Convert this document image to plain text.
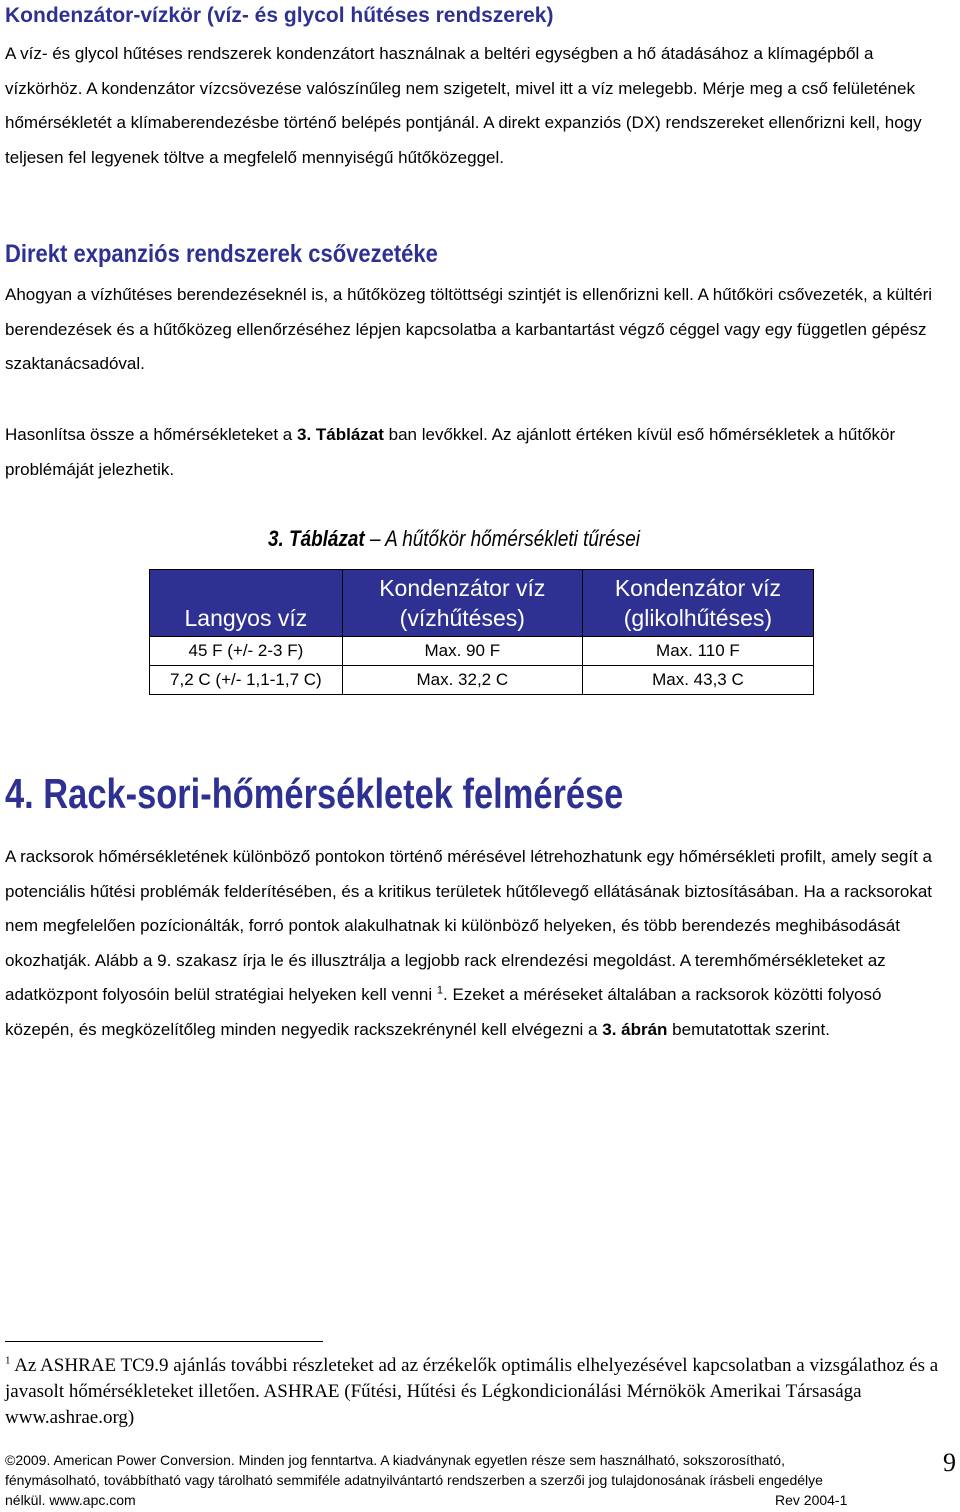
Kondenzátor-vízkör (víz- és glycol hűtéses rendszerek)

A víz- és glycol hűtéses rendszerek kondenzátort használnak a beltéri egységben a hő átadásához a klímagépből a vízkörhöz. A kondenzátor vízcsövezése valószínűleg nem szigetelt, mivel itt a víz melegebb. Mérje meg a cső felületének hőmérsékletét a klímaberendezésbe történő belépés pontjánál. A direkt expanziós (DX) rendszereket ellenőrizni kell, hogy teljesen fel legyenek töltve a megfelelő mennyiségű hűtőközeggel.

Direkt expanziós rendszerek csővezetéke

Ahogyan a vízhűtéses berendezéseknél is, a hűtőközeg töltöttségi szintjét is ellenőrizni kell. A hűtőköri csővezeték, a kültéri berendezések és a hűtőközeg ellenőrzéséhez lépjen kapcsolatba a karbantartást végző céggel vagy egy független gépész szaktanácsadóval.

Hasonlítsa össze a hőmérsékleteket a 3. Táblázat ban levőkkel. Az ajánlott értéken kívül eső hőmérsékletek a hűtőkör problémáját jelezhetik.

3. Táblázat – A hűtőkör hőmérsékleti tűrései
Langyos víz	Kondenzátor víz (vízhűtéses)	Kondenzátor víz (glikolhűtéses)
45 F (+/- 2-3 F)	Max. 90 F	Max. 110 F
7,2 C (+/- 1,1-1,7 C)	Max. 32,2 C	Max. 43,3 C
4. Rack-sori-hőmérsékletek felmérése

A racksorok hőmérsékletének különböző pontokon történő mérésével létrehozhatunk egy hőmérsékleti profilt, amely segít a potenciális hűtési problémák felderítésében, és a kritikus területek hűtőlevegő ellátásának biztosításában. Ha a racksorokat nem megfelelően pozícionálták, forró pontok alakulhatnak ki különböző helyeken, és több berendezés meghibásodását okozhatják. Alább a 9. szakasz írja le és illusztrálja a legjobb rack elrendezési megoldást. A teremhőmérsékleteket az adatközpont folyosóin belül stratégiai helyeken kell venni $^1$. Ezeket a méréseket általában a racksorok közötti folyosó közepén, és megközelítőleg minden negyedik rackszekrénynél kell elvégezni a 3. ábrán bemutatottak szerint.

$^1$ Az ASHRAE TC9.9 ajánlás további részleteket ad az érzékelők optimális elhelyezésével kapcsolatban a vizsgálathoz és a javasolt hőmérsékleteket illetően. ASHRAE (Fűtési, Hűtési és Légkondicionálási Mérnökök Amerikai Társasága www.ashrae.org)
©2009. American Power Conversion. Minden jog fenntartva. A kiadványnak egyetlen része sem használható, sokszorosítható,
fénymásolható, továbbítható vagy tárolható semmiféle adatnyilvántartó rendszerben a szerzői jog tulajdonosának írásbeli engedélye
nélkül. www.apc.com	Rev 2004-1
9
